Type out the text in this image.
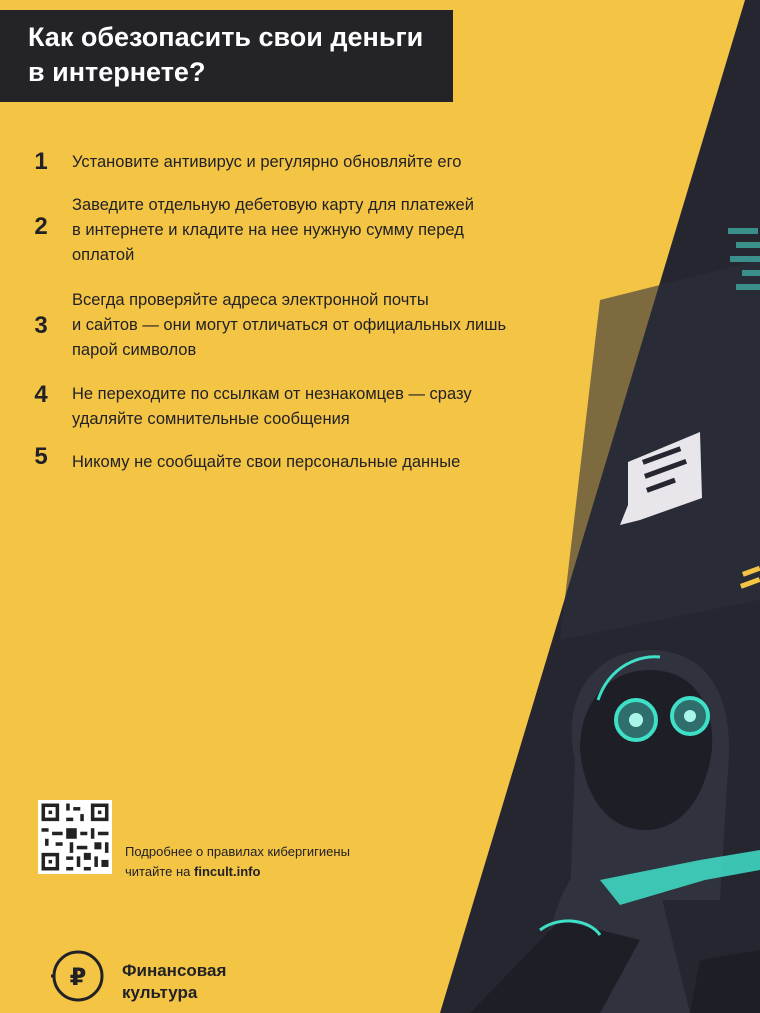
Как обезопасить свои деньги
в интернете?
1	Установите антивирус и регулярно обновляйте его
2
Заведите отдельную дебетовую карту для платежей
в интернете и кладите на нее нужную сумму перед
оплатой
3
Всегда проверяйте адреса электронной почты
и сайтов — они могут отличаться от официальных лишь
парой символов
4	Не переходите по ссылкам от незнакомцев — сразу
удаляйте сомнительные сообщения
5	Никому не сообщайте свои персональные данные
Подробнее о правилах кибергигиены
читайте на fincult.info
₽ Финансовая
культура
